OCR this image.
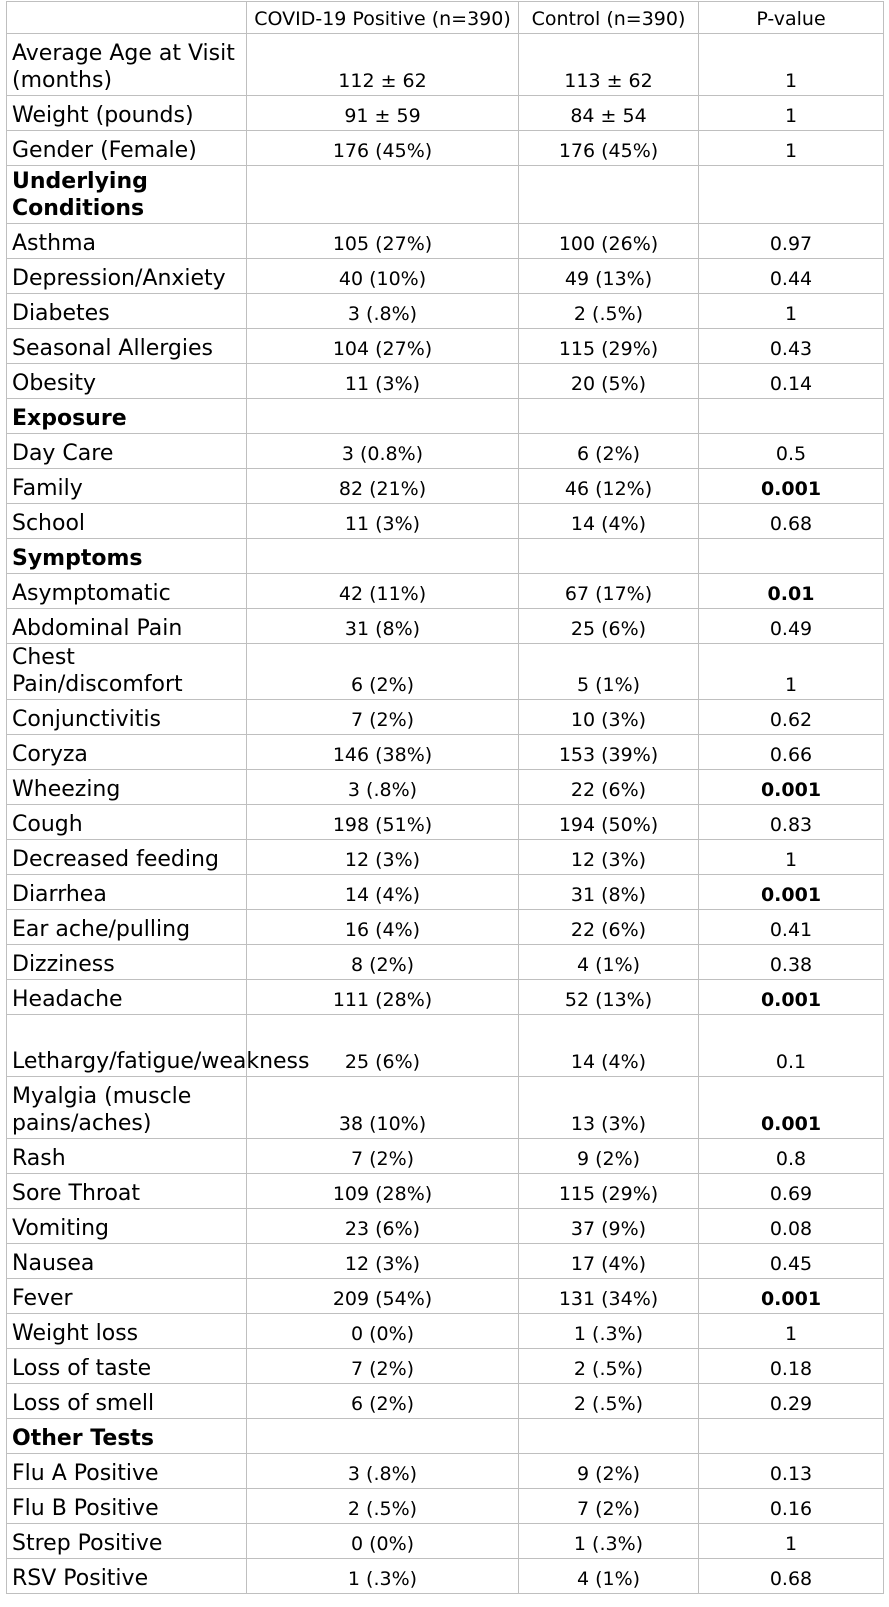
	COVID-19 Positive (n=390)	Control (n=390)	P-value
Average Age at Visit (months)	112 ± 62	113 ± 62	1
Weight (pounds)	91 ± 59	84 ± 54	1
Gender (Female)	176 (45%)	176 (45%)	1
Underlying Conditions			
Asthma	105 (27%)	100 (26%)	0.97
Depression/Anxiety	40 (10%)	49 (13%)	0.44
Diabetes	3 (.8%)	2 (.5%)	1
Seasonal Allergies	104 (27%)	115 (29%)	0.43
Obesity	11 (3%)	20 (5%)	0.14
Exposure			
Day Care	3 (0.8%)	6 (2%)	0.5
Family	82 (21%)	46 (12%)	0.001
School	11 (3%)	14 (4%)	0.68
Symptoms			
Asymptomatic	42 (11%)	67 (17%)	0.01
Abdominal Pain	31 (8%)	25 (6%)	0.49
Chest Pain/discomfort	6 (2%)	5 (1%)	1
Conjunctivitis	7 (2%)	10 (3%)	0.62
Coryza	146 (38%)	153 (39%)	0.66
Wheezing	3 (.8%)	22 (6%)	0.001
Cough	198 (51%)	194 (50%)	0.83
Decreased feeding	12 (3%)	12 (3%)	1
Diarrhea	14 (4%)	31 (8%)	0.001
Ear ache/pulling	16 (4%)	22 (6%)	0.41
Dizziness	8 (2%)	4 (1%)	0.38
Headache	111 (28%)	52 (13%)	0.001
Lethargy/fatigue/weakness	25 (6%)	14 (4%)	0.1
Myalgia (muscle pains/aches)	38 (10%)	13 (3%)	0.001
Rash	7 (2%)	9 (2%)	0.8
Sore Throat	109 (28%)	115 (29%)	0.69
Vomiting	23 (6%)	37 (9%)	0.08
Nausea	12 (3%)	17 (4%)	0.45
Fever	209 (54%)	131 (34%)	0.001
Weight loss	0 (0%)	1 (.3%)	1
Loss of taste	7 (2%)	2 (.5%)	0.18
Loss of smell	6 (2%)	2 (.5%)	0.29
Other Tests			
Flu A Positive	3 (.8%)	9 (2%)	0.13
Flu B Positive	2 (.5%)	7 (2%)	0.16
Strep Positive	0 (0%)	1 (.3%)	1
RSV Positive	1 (.3%)	4 (1%)	0.68
